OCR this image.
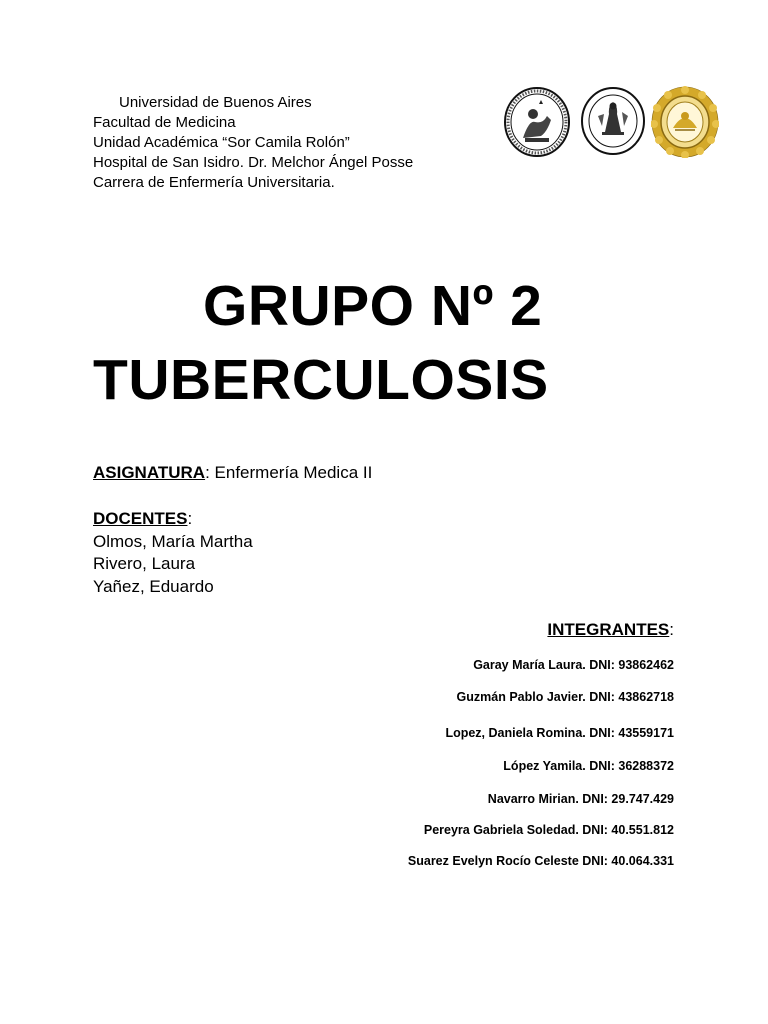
Universidad de Buenos Aires
Facultad de Medicina
Unidad Académica “Sor Camila Rolón”
Hospital de San Isidro. Dr. Melchor Ángel Posse
Carrera de Enfermería Universitaria.
GRUPO Nº 2
TUBERCULOSIS
ASIGNATURA: Enfermería Medica II
DOCENTES:
Olmos, María Martha
Rivero, Laura
Yañez, Eduardo
INTEGRANTES:
Garay María Laura. DNI: 93862462
Guzmán Pablo Javier. DNI: 43862718
Lopez, Daniela Romina. DNI: 43559171
López Yamila. DNI: 36288372
Navarro Mirian. DNI: 29.747.429
Pereyra Gabriela Soledad. DNI: 40.551.812
Suarez Evelyn Rocío Celeste DNI: 40.064.331
